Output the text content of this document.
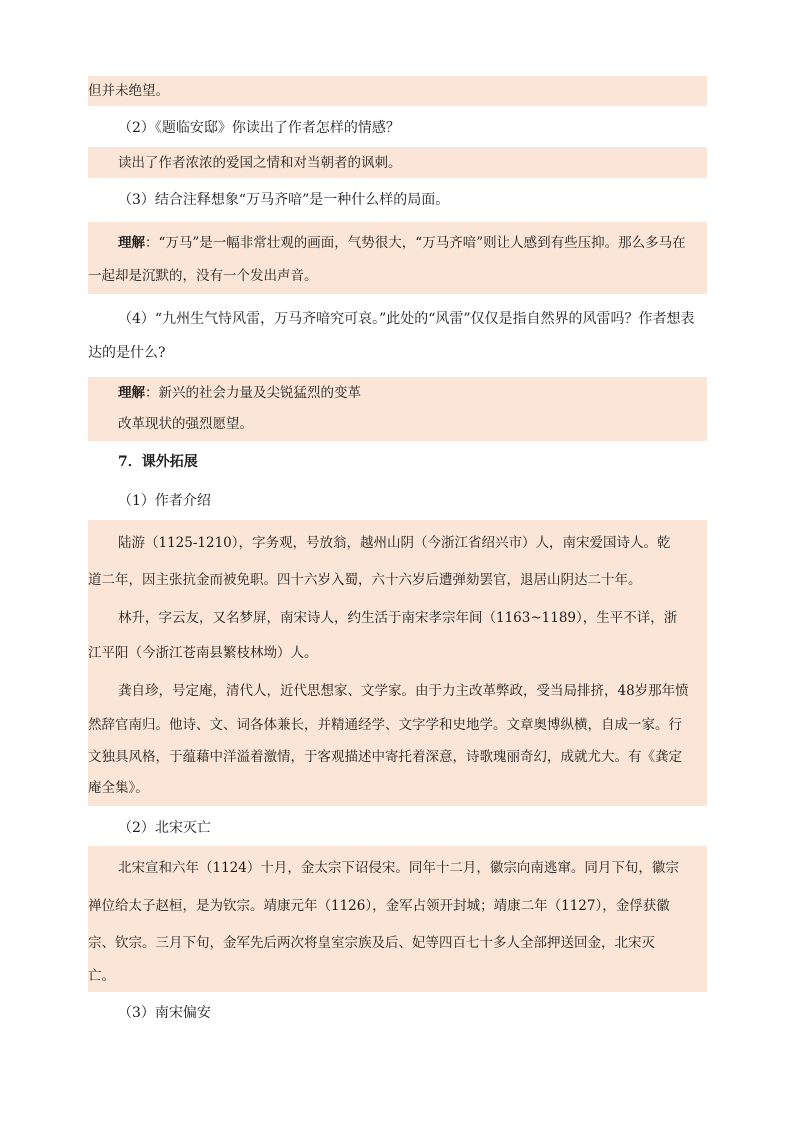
但并未绝望。
（2）《题临安邸》你读出了作者怎样的情感？
读出了作者浓浓的爱国之情和对当朝者的讽刺。
（3）结合注释想象“万马齐喑”是一种什么样的局面。
理解：“万马”是一幅非常壮观的画面，气势很大，“万马齐喑”则让人感到有些压抑。那么多马在
一起却是沉默的，没有一个发出声音。
（4）“九州生气恃风雷，万马齐喑究可哀。”此处的“风雷”仅仅是指自然界的风雷吗？作者想表
达的是什么?
理解：新兴的社会力量及尖锐猛烈的变革
改革现状的强烈愿望。
7．课外拓展
（1）作者介绍
陆游（1125-1210），字务观，号放翁，越州山阴（今浙江省绍兴市）人，南宋爱国诗人。乾
道二年，因主张抗金而被免职。四十六岁入蜀，六十六岁后遭弹劾罢官，退居山阴达二十年。
林升，字云友，又名梦屏，南宋诗人，约生活于南宋孝宗年间（1163~1189），生平不详，浙
江平阳（今浙江苍南县繁枝林坳）人。
龚自珍，号定庵，清代人，近代思想家、文学家。由于力主改革弊政，受当局排挤，48岁那年愤
然辞官南归。他诗、文、词各体兼长，并精通经学、文字学和史地学。文章奥博纵横，自成一家。行
文独具风格，于蕴藉中洋溢着激情，于客观描述中寄托着深意，诗歌瑰丽奇幻，成就尤大。有《龚定
庵全集》。
（2）北宋灭亡
北宋宣和六年（1124）十月，金太宗下诏侵宋。同年十二月，徽宗向南逃窜。同月下旬，徽宗
禅位给太子赵桓，是为钦宗。靖康元年（1126），金军占领开封城；靖康二年（1127），金俘获徽
宗、钦宗。三月下旬，金军先后两次将皇室宗族及后、妃等四百七十多人全部押送回金，北宋灭
亡。
（3）南宋偏安
